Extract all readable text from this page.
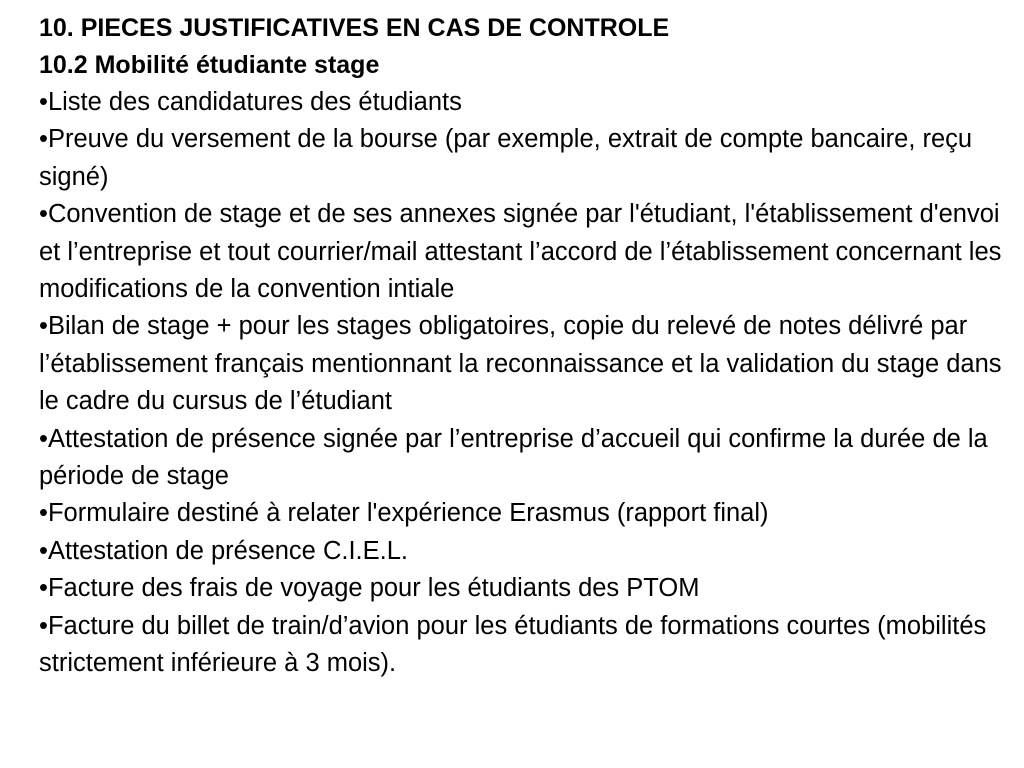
10. PIECES JUSTIFICATIVES EN CAS DE CONTROLE
10.2 Mobilité étudiante stage
• Liste des candidatures des étudiants
• Preuve du versement de la bourse (par exemple, extrait de compte bancaire, reçu signé)
• Convention de stage et de ses annexes signée par l'étudiant, l'établissement d'envoi et l’entreprise et tout courrier/mail attestant l’accord de l’établissement concernant les modifications de la convention intiale
• Bilan de stage + pour les stages obligatoires, copie du relevé de notes délivré par l’établissement français mentionnant la reconnaissance et la validation du stage dans le cadre du cursus de l’étudiant
• Attestation de présence signée par l’entreprise d’accueil qui confirme la durée de la période de stage
• Formulaire destiné à relater l'expérience Erasmus (rapport final)
• Attestation de présence C.I.E.L.
• Facture des frais de voyage pour les étudiants des PTOM
• Facture du billet de train/d’avion pour les étudiants de formations courtes (mobilités strictement inférieure à 3 mois).
